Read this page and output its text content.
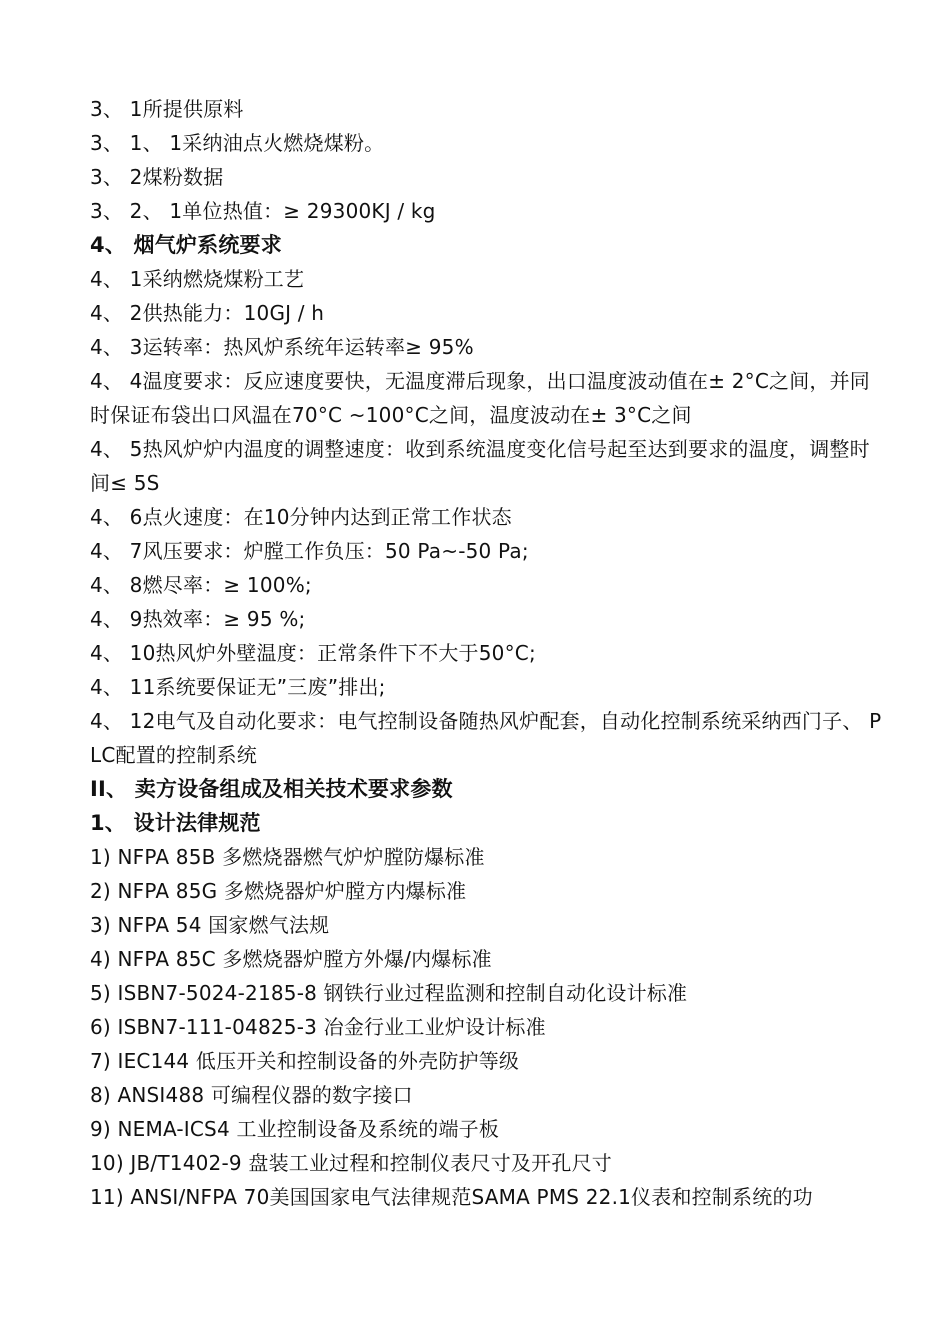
3、 1所提供原料
3、 1、 1采纳油点火燃烧煤粉。
3、 2煤粉数据
3、 2、 1单位热值：≥ 29300KJ / kg
4、 烟气炉系统要求
4、 1采纳燃烧煤粉工艺
4、 2供热能力：10GJ / h
4、 3运转率：热风炉系统年运转率≥ 95%
4、 4温度要求：反应速度要快，无温度滞后现象，出口温度波动值在± 2°C之间，并同时保证布袋出口风温在70°C ~100°C之间，温度波动在± 3°C之间
4、 5热风炉炉内温度的调整速度：收到系统温度变化信号起至达到要求的温度，调整时间≤ 5S
4、 6点火速度：在10分钟内达到正常工作状态
4、 7风压要求：炉膛工作负压：50 Pa~-50 Pa;
4、 8燃尽率：≥ 100%;
4、 9热效率：≥ 95 %;
4、 10热风炉外壁温度：正常条件下不大于50°C;
4、 11系统要保证无”三废”排出;
4、 12电气及自动化要求：电气控制设备随热风炉配套，自动化控制系统采纳西门子、 PLC配置的控制系统
II、 卖方设备组成及相关技术要求参数
1、 设计法律规范
1) NFPA 85B 多燃烧器燃气炉炉膛防爆标准
2) NFPA 85G 多燃烧器炉炉膛方内爆标准
3) NFPA 54 国家燃气法规
4) NFPA 85C 多燃烧器炉膛方外爆/内爆标准
5) ISBN7-5024-2185-8 钢铁行业过程监测和控制自动化设计标准
6) ISBN7-111-04825-3 冶金行业工业炉设计标准
7) IEC144 低压开关和控制设备的外壳防护等级
8) ANSI488 可编程仪器的数字接口
9) NEMA-ICS4 工业控制设备及系统的端子板
10) JB/T1402-9 盘装工业过程和控制仪表尺寸及开孔尺寸
11) ANSI/NFPA 70美国国家电气法律规范SAMA PMS 22.1仪表和控制系统的功
